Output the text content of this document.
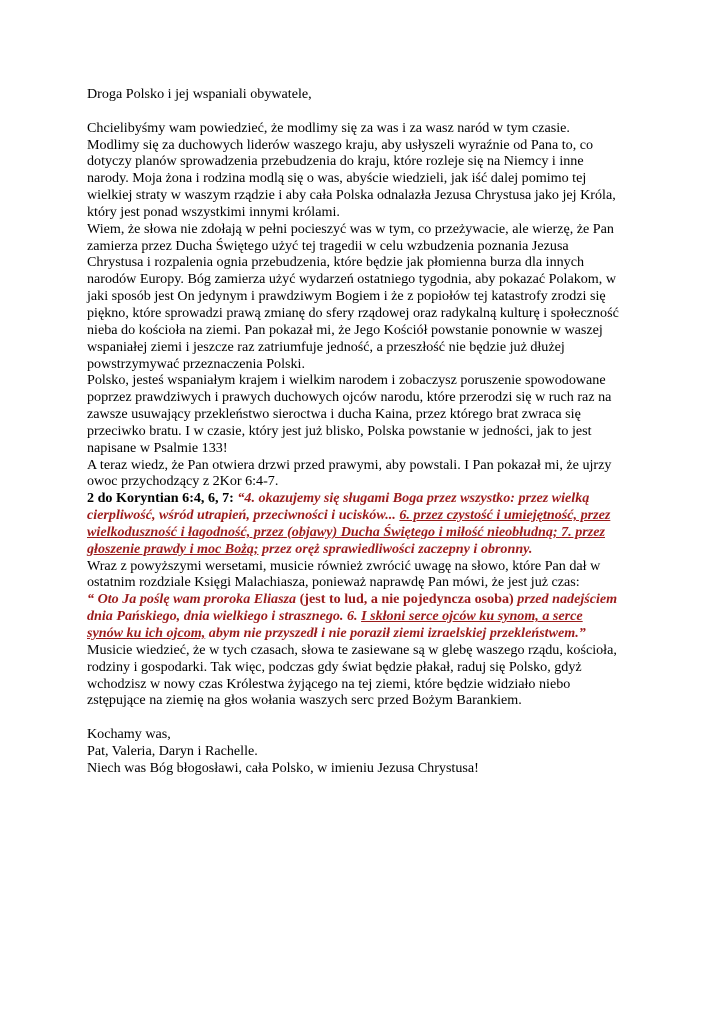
Droga Polsko i jej wspaniali obywatele,
Chcielibyśmy wam powiedzieć, że modlimy się za was i za wasz naród w tym czasie.
Modlimy się za duchowych liderów waszego kraju, aby usłyszeli wyraźnie od Pana to, co
dotyczy planów sprowadzenia przebudzenia do kraju, które rozleje się na Niemcy i inne
narody. Moja żona i rodzina modlą się o was, abyście wiedzieli, jak iść dalej pomimo tej
wielkiej straty w waszym rządzie i aby cała Polska odnalazła Jezusa Chrystusa jako jej Króla,
który jest ponad wszystkimi innymi królami.
Wiem, że słowa nie zdołają w pełni pocieszyć was w tym, co przeżywacie, ale wierzę, że Pan
zamierza przez Ducha Świętego użyć tej tragedii w celu wzbudzenia poznania Jezusa
Chrystusa i rozpalenia ognia przebudzenia, które będzie jak płomienna burza dla innych
narodów Europy. Bóg zamierza użyć wydarzeń ostatniego tygodnia, aby pokazać Polakom, w
jaki sposób jest On jedynym i prawdziwym Bogiem i że z popiołów tej katastrofy zrodzi się
piękno, które sprowadzi prawą zmianę do sfery rządowej oraz radykalną kulturę i społeczność
nieba do kościoła na ziemi. Pan pokazał mi, że Jego Kościół powstanie ponownie w waszej
wspaniałej ziemi i jeszcze raz zatriumfuje jedność, a przeszłość nie będzie już dłużej
powstrzymywać przeznaczenia Polski.
Polsko, jesteś wspaniałym krajem i wielkim narodem i zobaczysz poruszenie spowodowane
poprzez prawdziwych i prawych duchowych ojców narodu, które przerodzi się w ruch raz na
zawsze usuwający przekleństwo sieroctwa i ducha Kaina, przez którego brat zwraca się
przeciwko bratu. I w czasie, który jest już blisko, Polska powstanie w jedności, jak to jest
napisane w Psalmie 133!
A teraz wiedz, że Pan otwiera drzwi przed prawymi, aby powstali. I Pan pokazał mi, że ujrzy
owoc przychodzący z 2Kor 6:4-7.
2 do Koryntian 6:4, 6, 7: “4. okazujemy się sługami Boga przez wszystko: przez wielką
cierpliwość, wśród utrapień, przeciwności i ucisków... 6. przez czystość i umiejętność, przez
wielkoduszność i łagodność, przez (objawy) Ducha Świętego i miłość nieobłudną; 7. przez
głoszenie prawdy i moc Bożą; przez oręż sprawiedliwości zaczepny i obronny.
Wraz z powyższymi wersetami, musicie również zwrócić uwagę na słowo, które Pan dał w
ostatnim rozdziale Księgi Malachiasza, ponieważ naprawdę Pan mówi, że jest już czas:
“ Oto Ja poślę wam proroka Eliasza (jest to lud, a nie pojedyncza osoba) przed nadejściem
dnia Pańskiego, dnia wielkiego i strasznego. 6. I skłoni serce ojców ku synom, a serce
synów ku ich ojcom, abym nie przyszedł i nie poraził ziemi izraelskiej przekleństwem.”
Musicie wiedzieć, że w tych czasach, słowa te zasiewane są w glebę waszego rządu, kościoła,
rodziny i gospodarki. Tak więc, podczas gdy świat będzie płakał, raduj się Polsko, gdyż
wchodzisz w nowy czas Królestwa żyjącego na tej ziemi, które będzie widziało niebo
zstępujące na ziemię na głos wołania waszych serc przed Bożym Barankiem.
Kochamy was,
Pat, Valeria, Daryn i Rachelle.
Niech was Bóg błogosławi, cała Polsko, w imieniu Jezusa Chrystusa!
